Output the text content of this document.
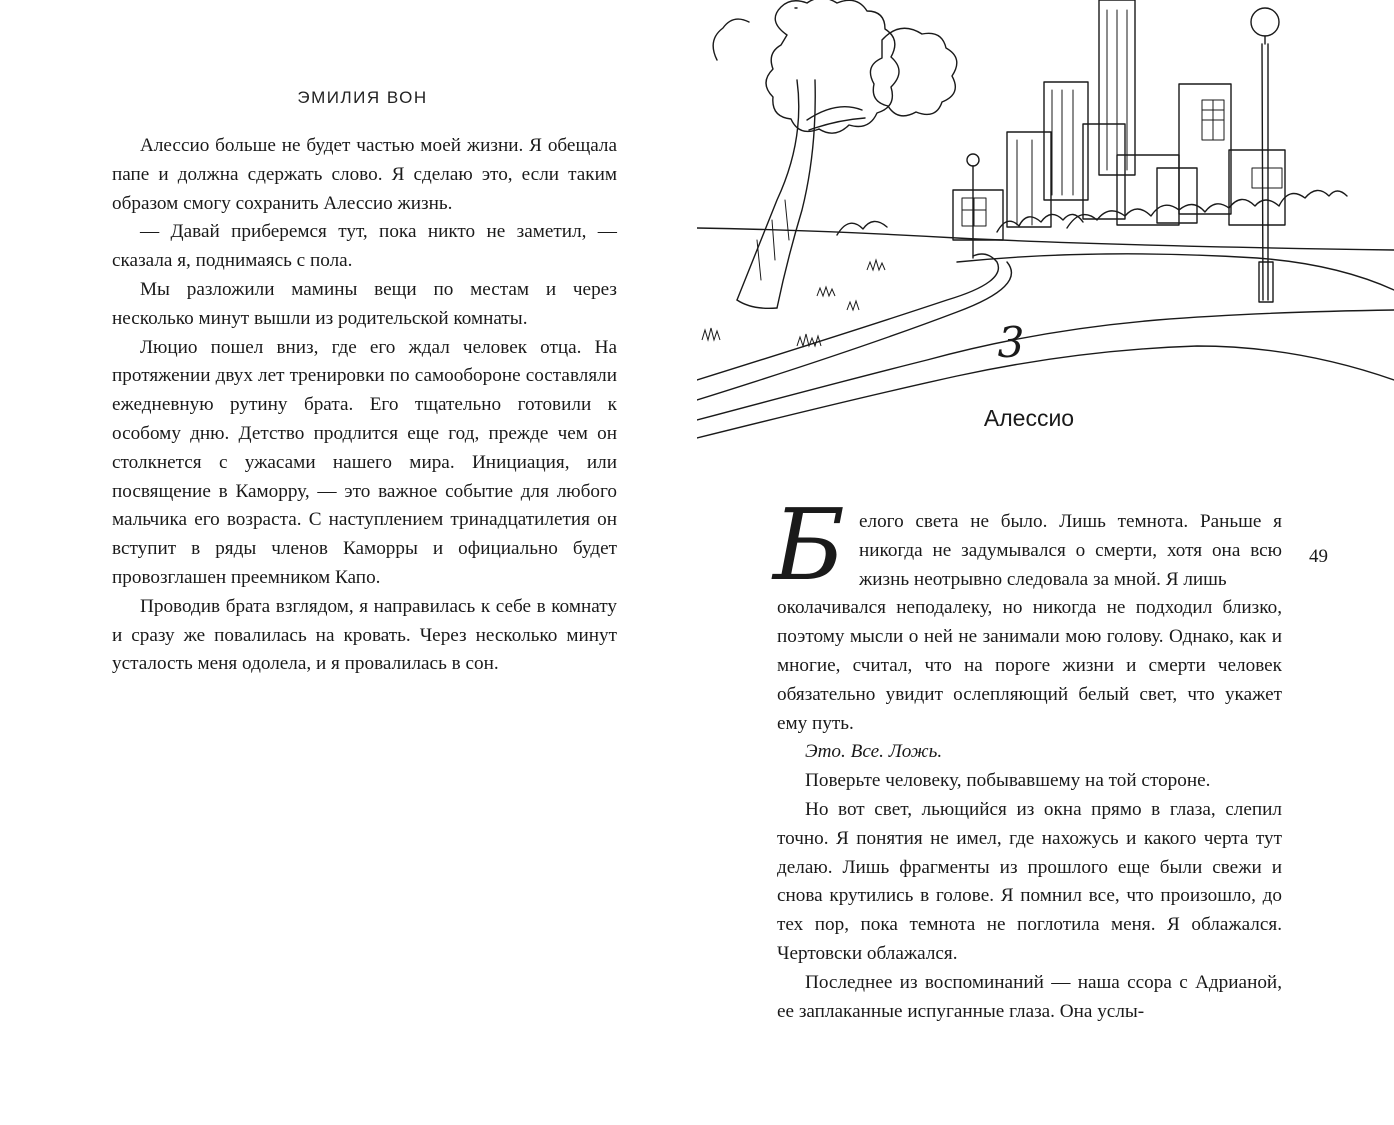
ЭМИЛИЯ ВОН

Алессио больше не будет частью моей жизни. Я обещала папе и должна сдержать слово. Я сделаю это, если таким образом смогу сохранить Алессио жизнь.

— Давай приберемся тут, пока никто не заметил, — сказала я, поднимаясь с пола.

Мы разложили мамины вещи по местам и через несколько минут вышли из родительской комнаты.

Люцио пошел вниз, где его ждал человек отца. На протяжении двух лет тренировки по самообороне составляли ежедневную рутину брата. Его тщательно готовили к особому дню. Детство продлится еще год, прежде чем он столкнется с ужасами нашего мира. Инициация, или посвящение в Каморру, — это важное событие для любого мальчика его возраста. С наступлением тринадцатилетия он вступит в ряды членов Каморры и официально будет провозглашен преемником Капо.

Проводив брата взглядом, я направилась к себе в комнату и сразу же повалилась на кровать. Через несколько минут усталость меня одолела, и я провалилась в сон.

3
Алессио
Б елого света не было. Лишь темнота. Раньше я никогда не задумывался о смерти, хотя она всю жизнь неотрывно следовала за мной. Я лишь
околачивался неподалеку, но никогда не подходил близко, поэтому мысли о ней не занимали мою голову. Однако, как и многие, считал, что на пороге жизни и смерти человек обязательно увидит ослепляющий белый свет, что укажет ему путь.

Это. Все. Ложь.

Поверьте человеку, побывавшему на той стороне.

Но вот свет, льющийся из окна прямо в глаза, слепил точно. Я понятия не имел, где нахожусь и какого черта тут делаю. Лишь фрагменты из прошлого еще были свежи и снова крутились в голове. Я помнил все, что произошло, до тех пор, пока темнота не поглотила меня. Я облажался. Чертовски облажался.

Последнее из воспоминаний — наша ссора с Адрианой, ее заплаканные испуганные глаза. Она услы-

49
